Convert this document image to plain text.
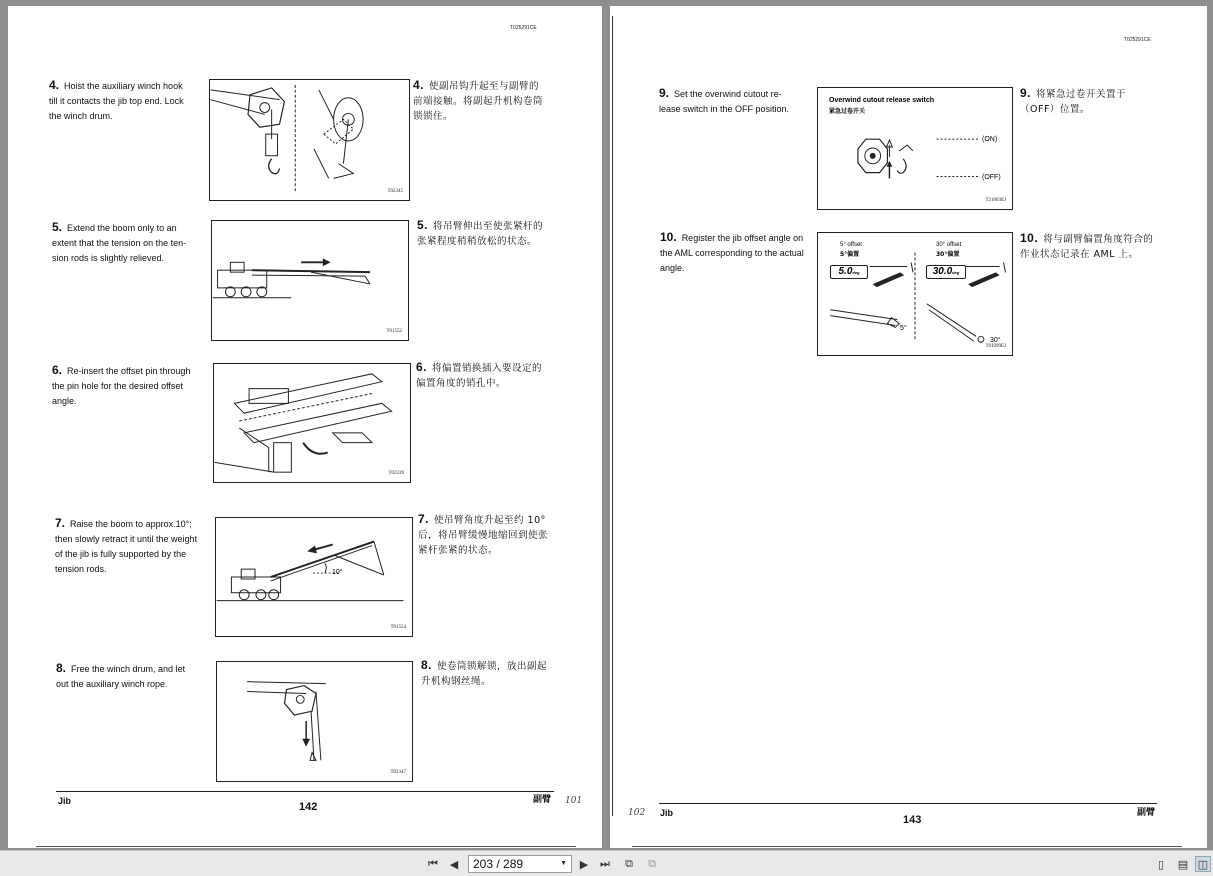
T025291CE
4. Hoist the auxiliary winch hook
till it contacts the jib top end. Lock
the winch drum.
T02345
4. 使副吊钩升起至与副臂的
前端接触。将副起升机构卷筒
锁锁住。
5. Extend the boom only to an
extent that the tension on the ten-
sion rods is slightly relieved.
T01552
5. 将吊臂伸出至使张紧杆的
张紧程度稍稍放松的状态。
6. Re-insert the offset pin through
the pin hole for the desired offset
angle.
T02339
6. 将偏置销换插入要设定的
偏置角度的销孔中。
7. Raise the boom to approx.10°;
then slowly retract it until the weight
of the jib is fully supported by the
tension rods.	10°
T01554
7. 使吊臂角度升起至约 10°
后，将吊臂缓慢地缩回到使张
紧杆张紧的状态。
8. Free the winch drum, and let
out the auxiliary winch rope.
T02347
8. 使卷筒锁解锁，放出副起
升机构钢丝绳。
Jib	142
副臂 101
T025291CE
9. Set the overwind cutout re-
lease switch in the OFF position.
Overwind cutout release switch
紧急过卷开关
(ON)
(OFF)
T21003EJ
9. 将紧急过卷开关置于
（OFF）位置。
10. Register the jib offset angle on
the AML corresponding to the actual
angle.
5° offset
5°偏置
30° offset
30°偏置
5.0deg	30.0deg
5°
30°
T01099EJ
10. 将与副臂偏置角度符合的
作业状态记录在 AML 上。
102 Jib
143
副臂
⏮	◀	203 / 289	▼	▶	⏭	⧉	⧉	▯	▤ ◫
